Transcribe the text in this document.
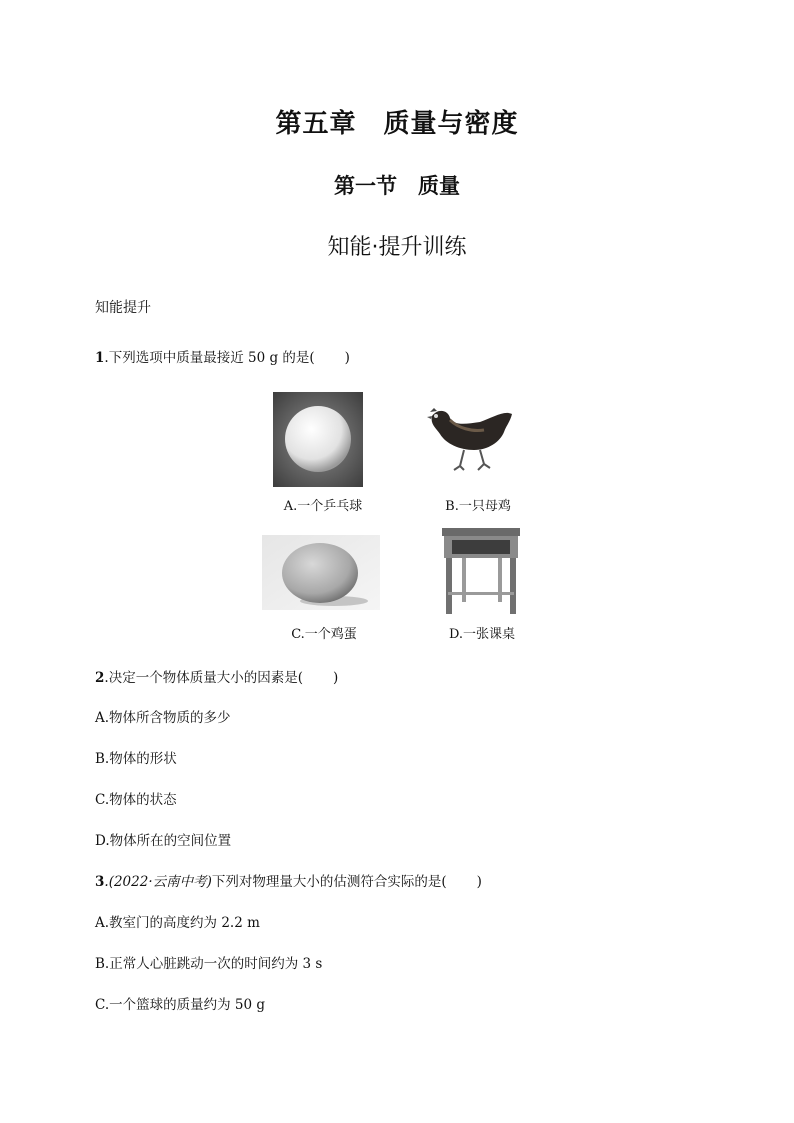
第五章　质量与密度
第一节　质量
知能·提升训练
知能提升
1.下列选项中质量最接近 50 g 的是( )
A.一个乒乓球	B.一只母鸡
C.一个鸡蛋	D.一张课桌
2.决定一个物体质量大小的因素是( )
A.物体所含物质的多少
B.物体的形状
C.物体的状态
D.物体所在的空间位置
3.(2022·云南中考)下列对物理量大小的估测符合实际的是( )
A.教室门的高度约为 2.2 m
B.正常人心脏跳动一次的时间约为 3 s
C.一个篮球的质量约为 50 g
